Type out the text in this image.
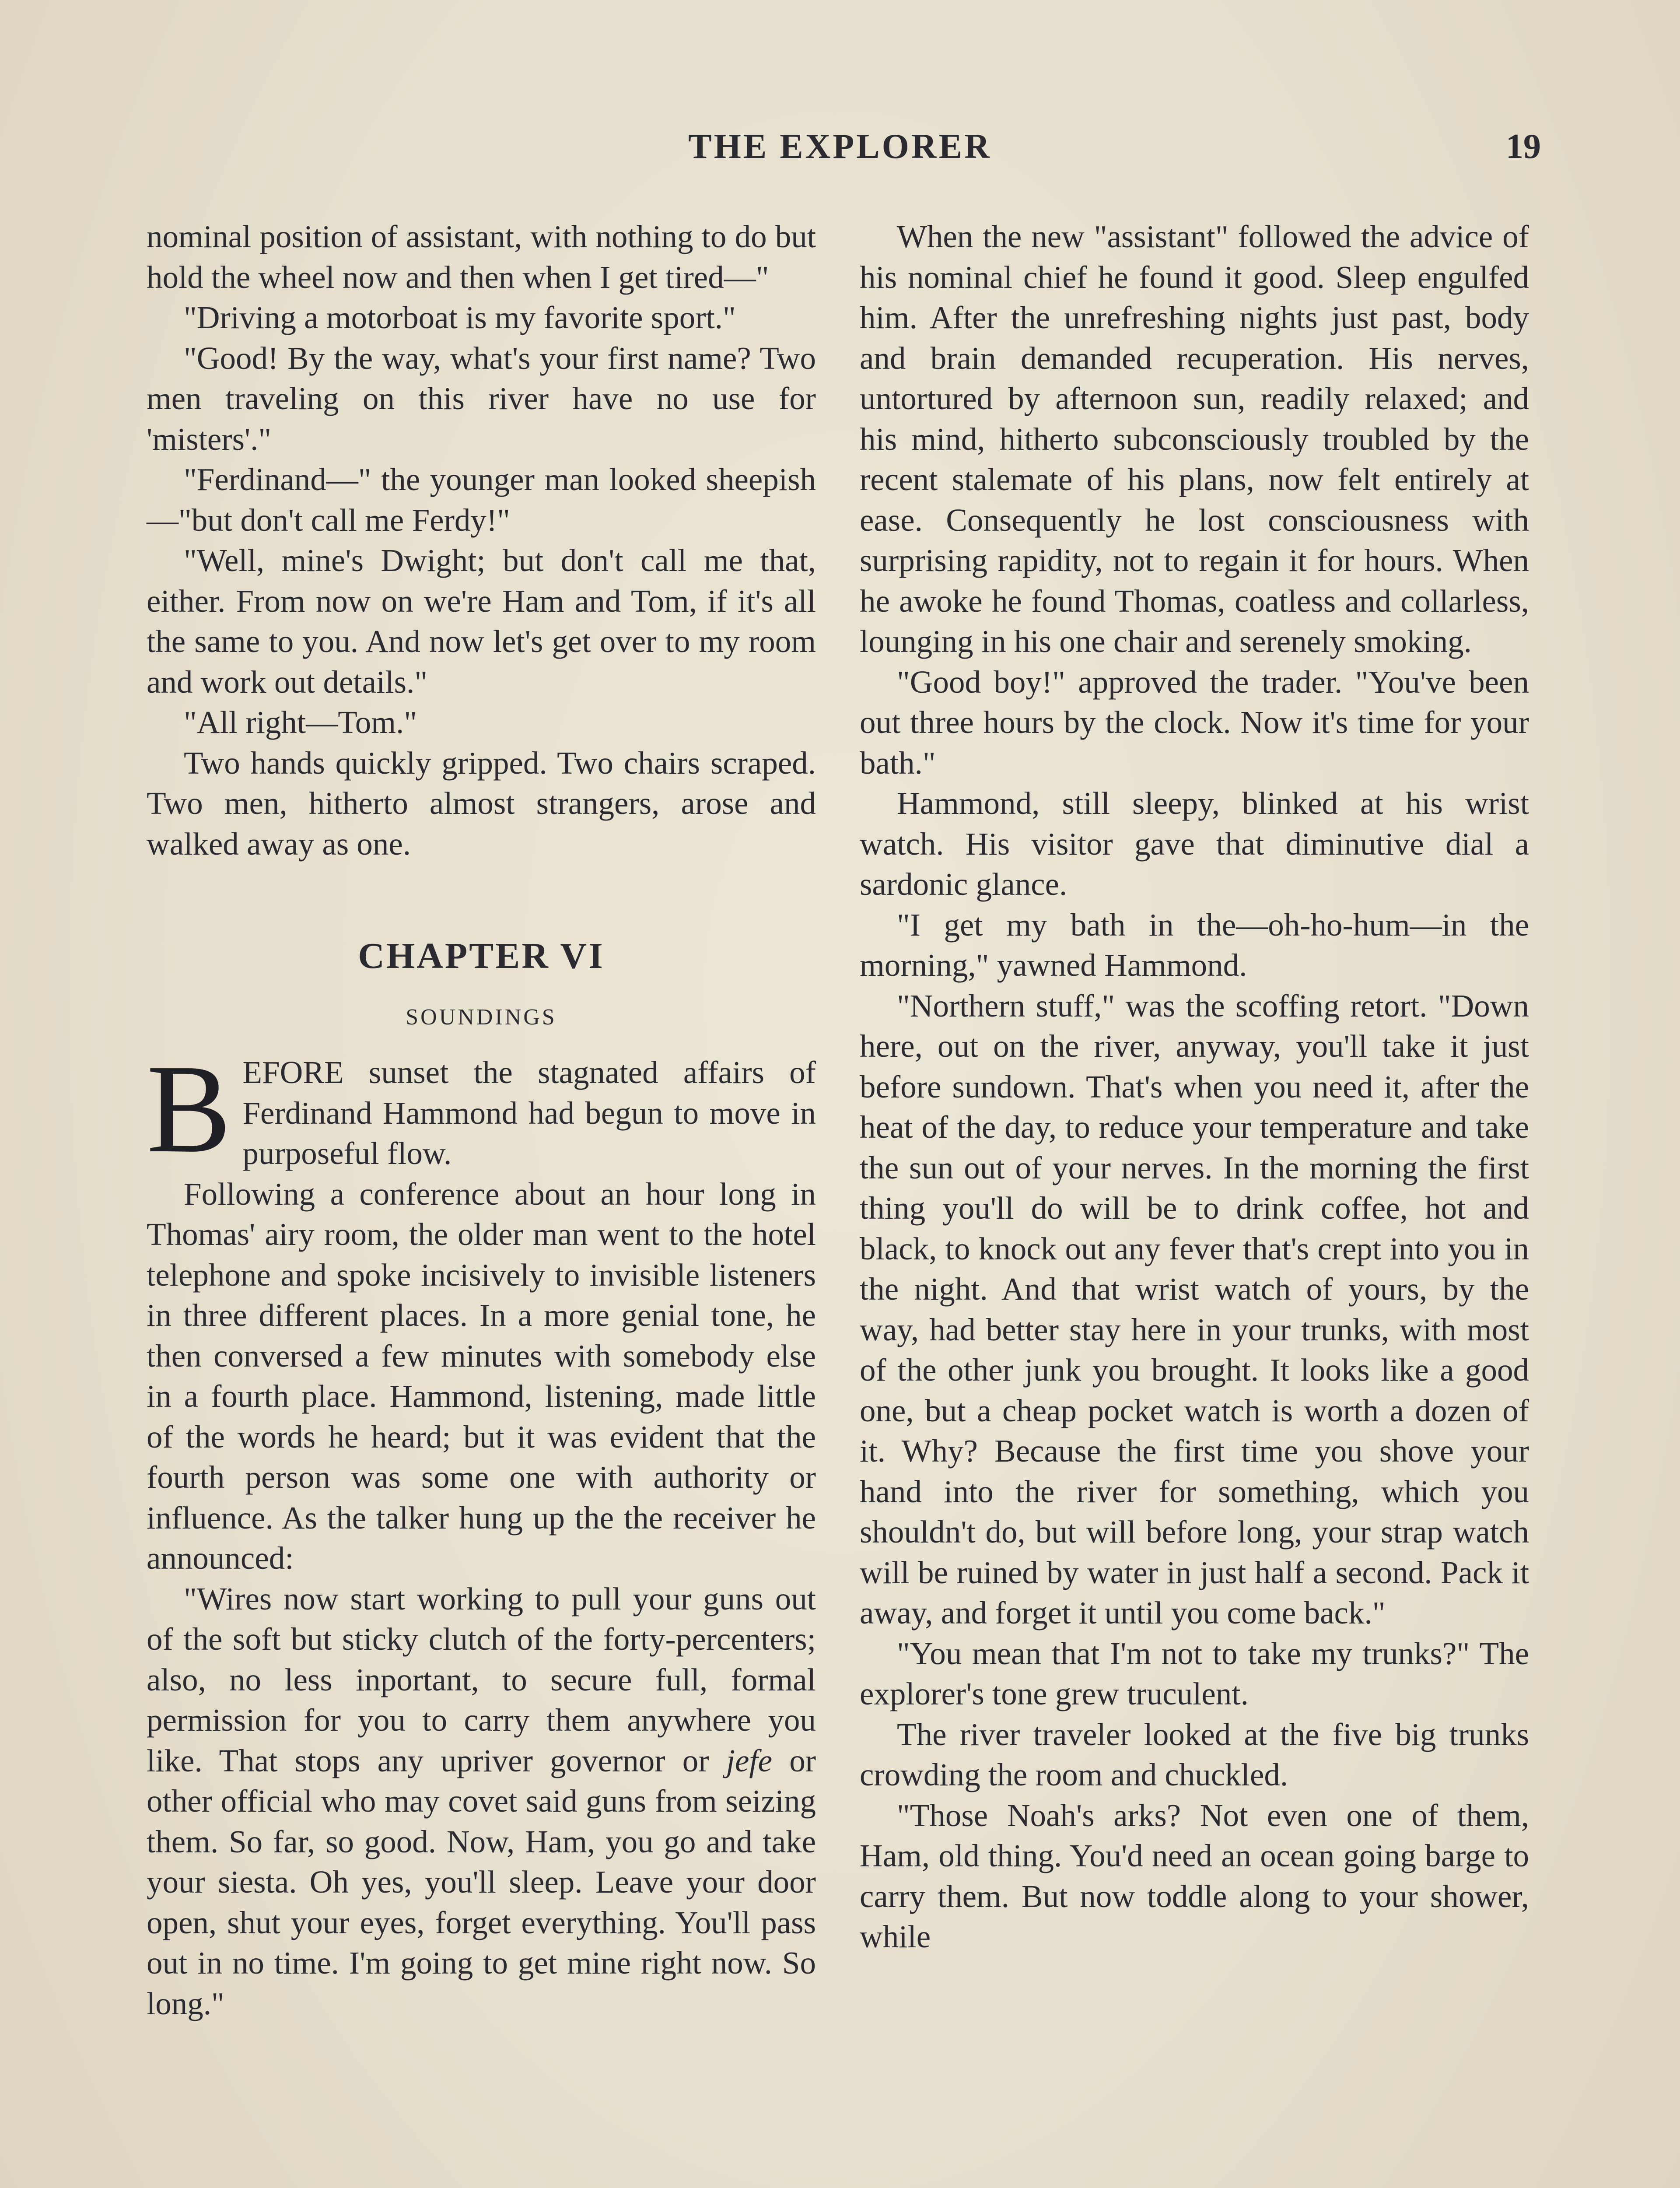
THE EXPLORER	19

nominal position of assistant, with nothing to do but hold the wheel now and then when I get tired—"

"Driving a motorboat is my favorite sport."

"Good! By the way, what's your first name? Two men traveling on this river have no use for 'misters'."

"Ferdinand—" the younger man looked sheepish—"but don't call me Ferdy!"

"Well, mine's Dwight; but don't call me that, either. From now on we're Ham and Tom, if it's all the same to you. And now let's get over to my room and work out details."

"All right—Tom."

Two hands quickly gripped. Two chairs scraped. Two men, hitherto almost strangers, arose and walked away as one.

CHAPTER VI
SOUNDINGS

BEFORE sunset the stagnated affairs of Ferdinand Hammond had begun to move in purposeful flow.

Following a conference about an hour long in Thomas' airy room, the older man went to the hotel telephone and spoke incisively to invisible listeners in three different places. In a more genial tone, he then conversed a few minutes with somebody else in a fourth place. Hammond, listening, made little of the words he heard; but it was evident that the fourth person was some one with authority or influence. As the talker hung up the the receiver he announced:

"Wires now start working to pull your guns out of the soft but sticky clutch of the forty-percenters; also, no less inportant, to secure full, formal permission for you to carry them anywhere you like. That stops any upriver governor or jefe or other official who may covet said guns from seizing them. So far, so good. Now, Ham, you go and take your siesta. Oh yes, you'll sleep. Leave your door open, shut your eyes, forget everything. You'll pass out in no time. I'm going to get mine right now. So long."

When the new "assistant" followed the advice of his nominal chief he found it good. Sleep engulfed him. After the unrefreshing nights just past, body and brain demanded recuperation. His nerves, untortured by afternoon sun, readily relaxed; and his mind, hitherto subconsciously troubled by the recent stalemate of his plans, now felt entirely at ease. Consequently he lost consciousness with surprising rapidity, not to regain it for hours. When he awoke he found Thomas, coatless and collarless, lounging in his one chair and serenely smoking.

"Good boy!" approved the trader. "You've been out three hours by the clock. Now it's time for your bath."

Hammond, still sleepy, blinked at his wrist watch. His visitor gave that diminutive dial a sardonic glance.

"I get my bath in the—oh-ho-hum—in the morning," yawned Hammond.

"Northern stuff," was the scoffing retort. "Down here, out on the river, anyway, you'll take it just before sundown. That's when you need it, after the heat of the day, to reduce your temperature and take the sun out of your nerves. In the morning the first thing you'll do will be to drink coffee, hot and black, to knock out any fever that's crept into you in the night. And that wrist watch of yours, by the way, had better stay here in your trunks, with most of the other junk you brought. It looks like a good one, but a cheap pocket watch is worth a dozen of it. Why? Because the first time you shove your hand into the river for something, which you shouldn't do, but will before long, your strap watch will be ruined by water in just half a second. Pack it away, and forget it until you come back."

"You mean that I'm not to take my trunks?" The explorer's tone grew truculent.

The river traveler looked at the five big trunks crowding the room and chuckled.

"Those Noah's arks? Not even one of them, Ham, old thing. You'd need an ocean going barge to carry them. But now toddle along to your shower, while
